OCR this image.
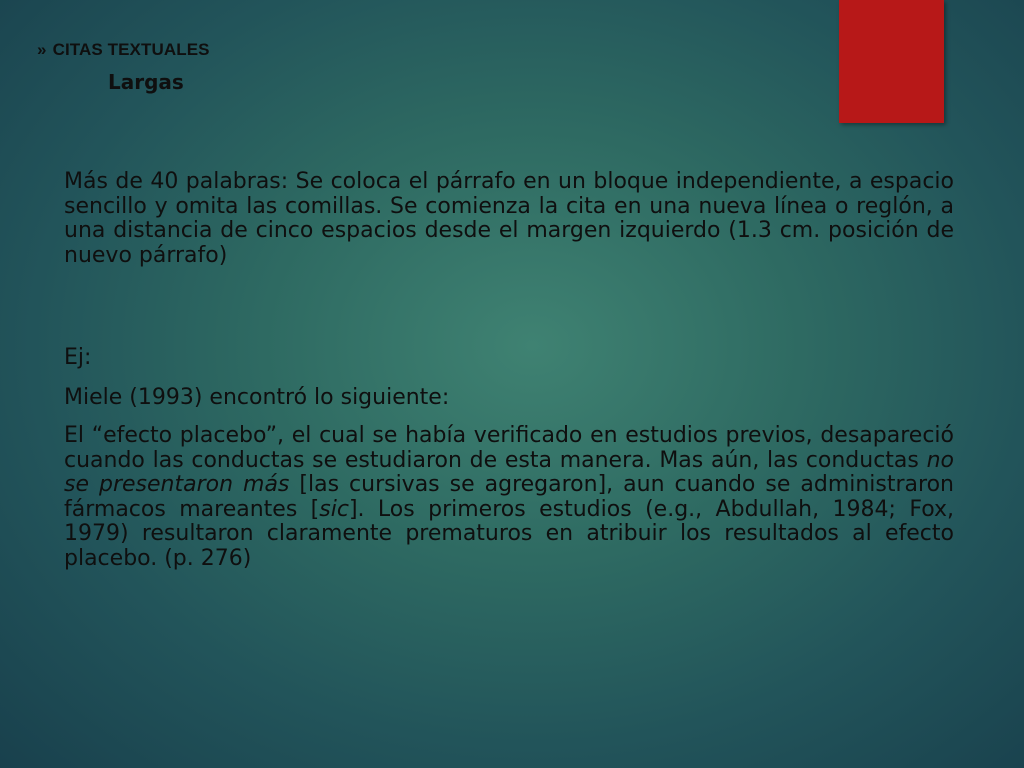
» CITAS TEXTUALES
Largas

Más de 40 palabras: Se coloca el párrafo en un bloque independiente, a espacio sencillo y omita las comillas. Se comienza la cita en una nueva línea o reglón, a una distancia de cinco espacios desde el margen izquierdo (1.3 cm. posición de nuevo párrafo)

Ej:

Miele (1993) encontró lo siguiente:

El “efecto placebo”, el cual se había verificado en estudios previos, desapareció cuando las conductas se estudiaron de esta manera. Mas aún, las conductas no se presentaron más [las cursivas se agregaron], aun cuando se administraron fármacos mareantes [sic]. Los primeros estudios (e.g., Abdullah, 1984; Fox, 1979) resultaron claramente prematuros en atribuir los resultados al efecto placebo. (p. 276)
